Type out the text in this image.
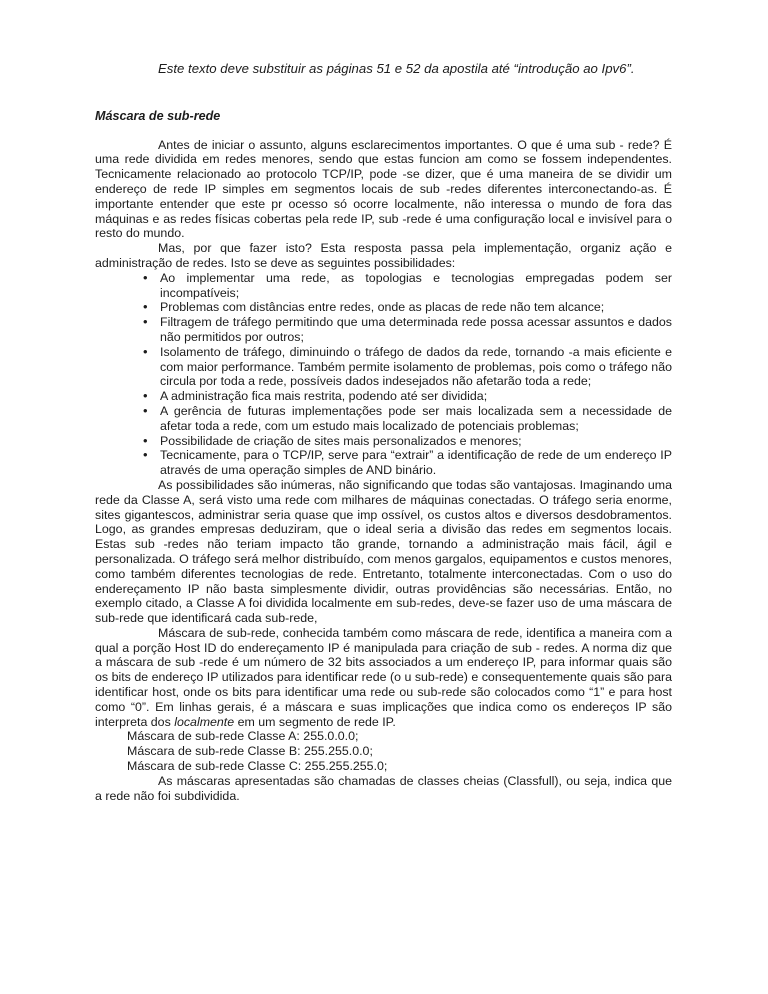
Este texto deve substituir as páginas 51 e 52 da apostila até “introdução ao Ipv6”.

Máscara de sub-rede

Antes de iniciar o assunto, alguns esclarecimentos importantes. O que é uma sub - rede? É uma rede dividida em redes menores, sendo que estas funcion am como se fossem independentes. Tecnicamente relacionado ao protocolo TCP/IP, pode -se dizer, que é uma maneira de se dividir um endereço de rede IP simples em segmentos locais de sub -redes diferentes interconectando-as. É importante entender que este pr ocesso só ocorre localmente, não interessa o mundo de fora das máquinas e as redes físicas cobertas pela rede IP, sub -rede é uma configuração local e invisível para o resto do mundo.

Mas, por que fazer isto? Esta resposta passa pela implementação, organiz ação e administração de redes. Isto se deve as seguintes possibilidades:

• Ao implementar uma rede, as topologias e tecnologias empregadas podem ser incompatíveis;
• Problemas com distâncias entre redes, onde as placas de rede não tem alcance;
• Filtragem de tráfego permitindo que uma determinada rede possa acessar assuntos e dados não permitidos por outros;
• Isolamento de tráfego, diminuindo o tráfego de dados da rede, tornando -a mais eficiente e com maior performance. Também permite isolamento de problemas, pois como o tráfego não circula por toda a rede, possíveis dados indesejados não afetarão toda a rede;
• A administração fica mais restrita, podendo até ser dividida;
• A gerência de futuras implementações pode ser mais localizada sem a necessidade de afetar toda a rede, com um estudo mais localizado de potenciais problemas;
• Possibilidade de criação de sites mais personalizados e menores;
• Tecnicamente, para o TCP/IP, serve para “extrair” a identificação de rede de um endereço IP através de uma operação simples de AND binário.

As possibilidades são inúmeras, não significando que todas são vantajosas. Imaginando uma rede da Classe A, será visto uma rede com milhares de máquinas conectadas. O tráfego seria enorme, sites gigantescos, administrar seria quase que imp ossível, os custos altos e diversos desdobramentos. Logo, as grandes empresas deduziram, que o ideal seria a divisão das redes em segmentos locais. Estas sub -redes não teriam impacto tão grande, tornando a administração mais fácil, ágil e personalizada. O tráfego será melhor distribuído, com menos gargalos, equipamentos e custos menores, como também diferentes tecnologias de rede. Entretanto, totalmente interconectadas. Com o uso do endereçamento IP não basta simplesmente dividir, outras providências são necessárias. Então, no exemplo citado, a Classe A foi dividida localmente em sub-redes, deve-se fazer uso de uma máscara de sub-rede que identificará cada sub-rede,

Máscara de sub-rede, conhecida também como máscara de rede, identifica a maneira com a qual a porção Host ID do endereçamento IP é manipulada para criação de sub - redes. A norma diz que a máscara de sub -rede é um número de 32 bits associados a um endereço IP, para informar quais são os bits de endereço IP utilizados para identificar rede (o u sub-rede) e consequentemente quais são para identificar host, onde os bits para identificar uma rede ou sub-rede são colocados como “1” e para host como “0”. Em linhas gerais, é a máscara e suas implicações que indica como os endereços IP são interpreta dos localmente em um segmento de rede IP.

Máscara de sub-rede Classe A: 255.0.0.0;

Máscara de sub-rede Classe B: 255.255.0.0;

Máscara de sub-rede Classe C: 255.255.255.0;

As máscaras apresentadas são chamadas de classes cheias (Classfull), ou seja, indica que a rede não foi subdividida.
